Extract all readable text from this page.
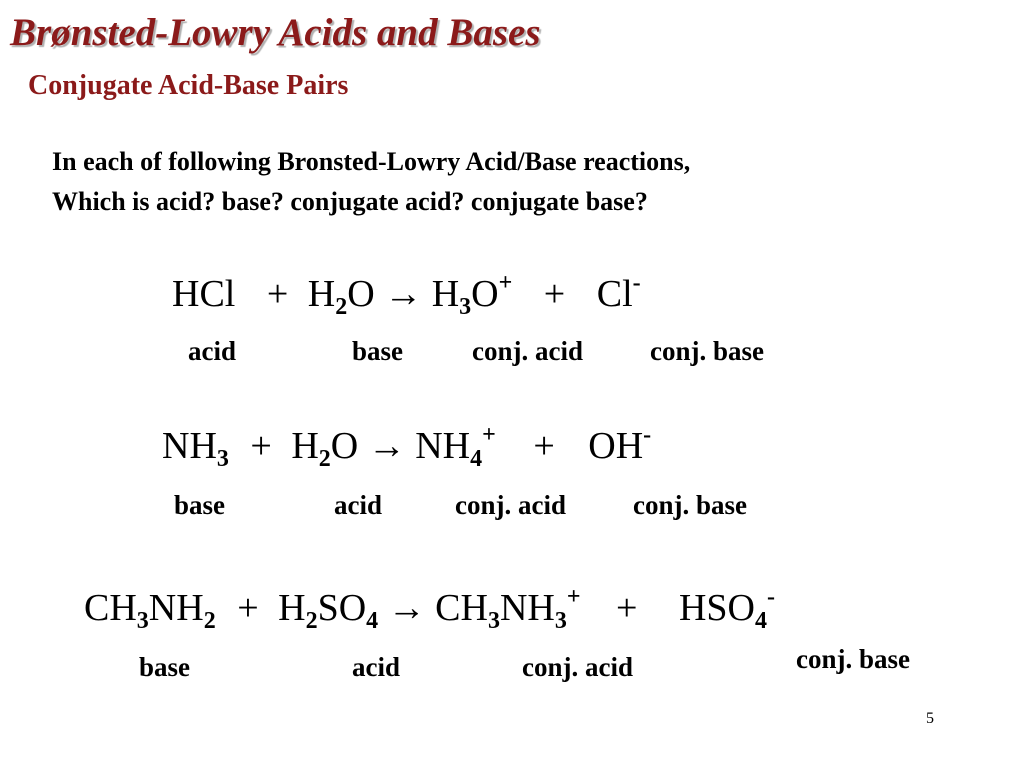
Brønsted-Lowry Acids and Bases
Conjugate Acid-Base Pairs
In each of following Bronsted-Lowry Acid/Base reactions,
Which is acid? base? conjugate acid? conjugate base?
HCl + $H_2O \to H_3O^+ + Cl^-$
acid	base	conj. acid conj. base
$NH_3 + H_2O \to NH_4^+ + OH^-$
base	acid	conj. acid conj. base
$CH_3NH_2 + H_2SO_4 \to CH_3NH_3^+ + HSO_4^-$
base	acid	conj. acid	conj. base
5
